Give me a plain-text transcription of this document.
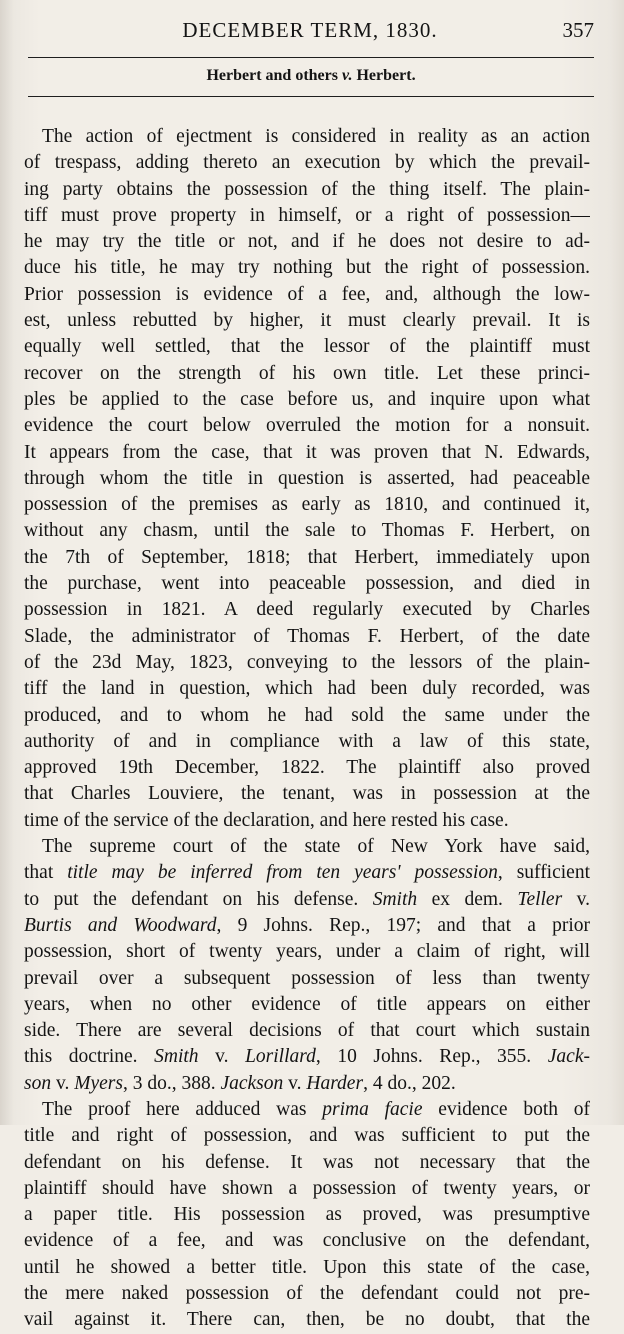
DECEMBER TERM, 1830.	357
Herbert and others v. Herbert.
The action of ejectment is considered in reality as an action
of trespass, adding thereto an execution by which the prevail-
ing party obtains the possession of the thing itself. The plain-
tiff must prove property in himself, or a right of possession—
he may try the title or not, and if he does not desire to ad-
duce his title, he may try nothing but the right of possession.
Prior possession is evidence of a fee, and, although the low-
est, unless rebutted by higher, it must clearly prevail. It is
equally well settled, that the lessor of the plaintiff must
recover on the strength of his own title. Let these princi-
ples be applied to the case before us, and inquire upon what
evidence the court below overruled the motion for a nonsuit.
It appears from the case, that it was proven that N. Edwards,
through whom the title in question is asserted, had peaceable
possession of the premises as early as 1810, and continued it,
without any chasm, until the sale to Thomas F. Herbert, on
the 7th of September, 1818; that Herbert, immediately upon
the purchase, went into peaceable possession, and died in
possession in 1821. A deed regularly executed by Charles
Slade, the administrator of Thomas F. Herbert, of the date
of the 23d May, 1823, conveying to the lessors of the plain-
tiff the land in question, which had been duly recorded, was
produced, and to whom he had sold the same under the
authority of and in compliance with a law of this state,
approved 19th December, 1822. The plaintiff also proved
that Charles Louviere, the tenant, was in possession at the
time of the service of the declaration, and here rested his case.
The supreme court of the state of New York have said,
that title may be inferred from ten years' possession, sufficient
to put the defendant on his defense. Smith ex dem. Teller v.
Burtis and Woodward, 9 Johns. Rep., 197; and that a prior
possession, short of twenty years, under a claim of right, will
prevail over a subsequent possession of less than twenty
years, when no other evidence of title appears on either
side. There are several decisions of that court which sustain
this doctrine. Smith v. Lorillard, 10 Johns. Rep., 355. Jack-
son v. Myers, 3 do., 388. Jackson v. Harder, 4 do., 202.
The proof here adduced was prima facie evidence both of
title and right of possession, and was sufficient to put the
defendant on his defense. It was not necessary that the
plaintiff should have shown a possession of twenty years, or
a paper title. His possession as proved, was presumptive
evidence of a fee, and was conclusive on the defendant,
until he showed a better title. Upon this state of the case,
the mere naked possession of the defendant could not pre-
vail against it. There can, then, be no doubt, that the
